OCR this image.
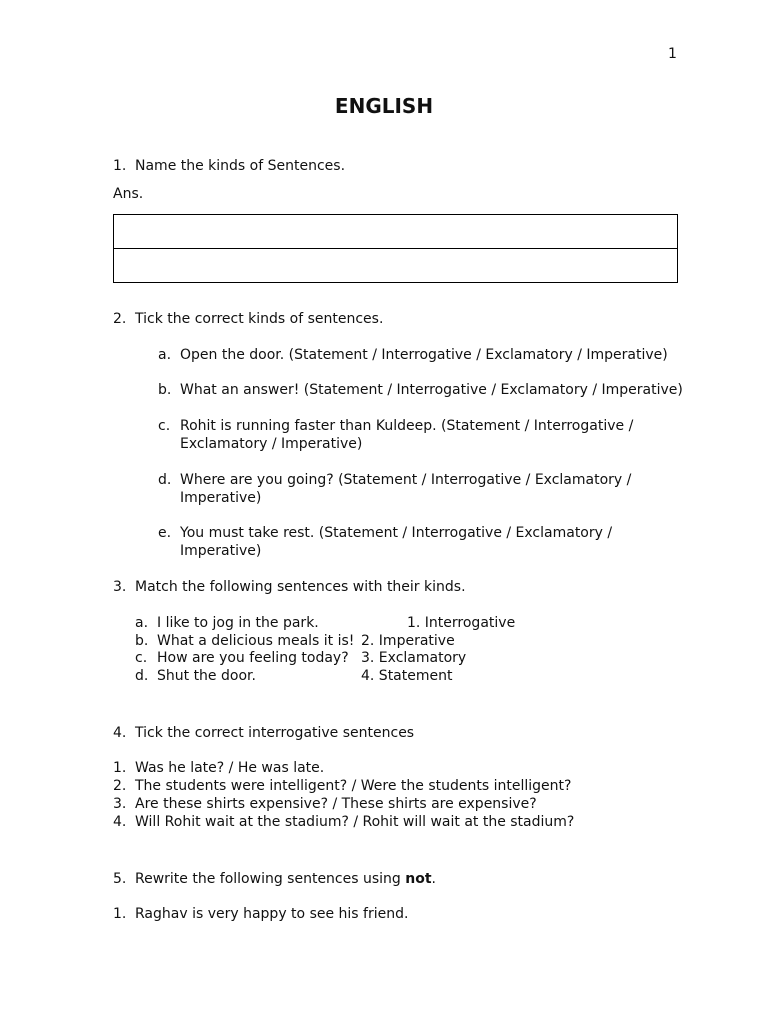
1
ENGLISH
1. Name the kinds of Sentences.
Ans.
2. Tick the correct kinds of sentences.
a. Open the door. (Statement / Interrogative / Exclamatory / Imperative)
b. What an answer! (Statement / Interrogative / Exclamatory / Imperative)
c. Rohit is running faster than Kuldeep. (Statement / Interrogative /
Exclamatory / Imperative)
d. Where are you going? (Statement / Interrogative / Exclamatory /
Imperative)
e. You must take rest. (Statement / Interrogative / Exclamatory /
Imperative)
3. Match the following sentences with their kinds.
a. I like to jog in the park.	1. Interrogative
b. What a delicious meals it is! 2. Imperative
c. How are you feeling today? 3. Exclamatory
d. Shut the door.	4. Statement
4. Tick the correct interrogative sentences
1. Was he late? / He was late.
2. The students were intelligent? / Were the students intelligent?
3. Are these shirts expensive? / These shirts are expensive?
4. Will Rohit wait at the stadium? / Rohit will wait at the stadium?
5. Rewrite the following sentences using not.
1. Raghav is very happy to see his friend.
